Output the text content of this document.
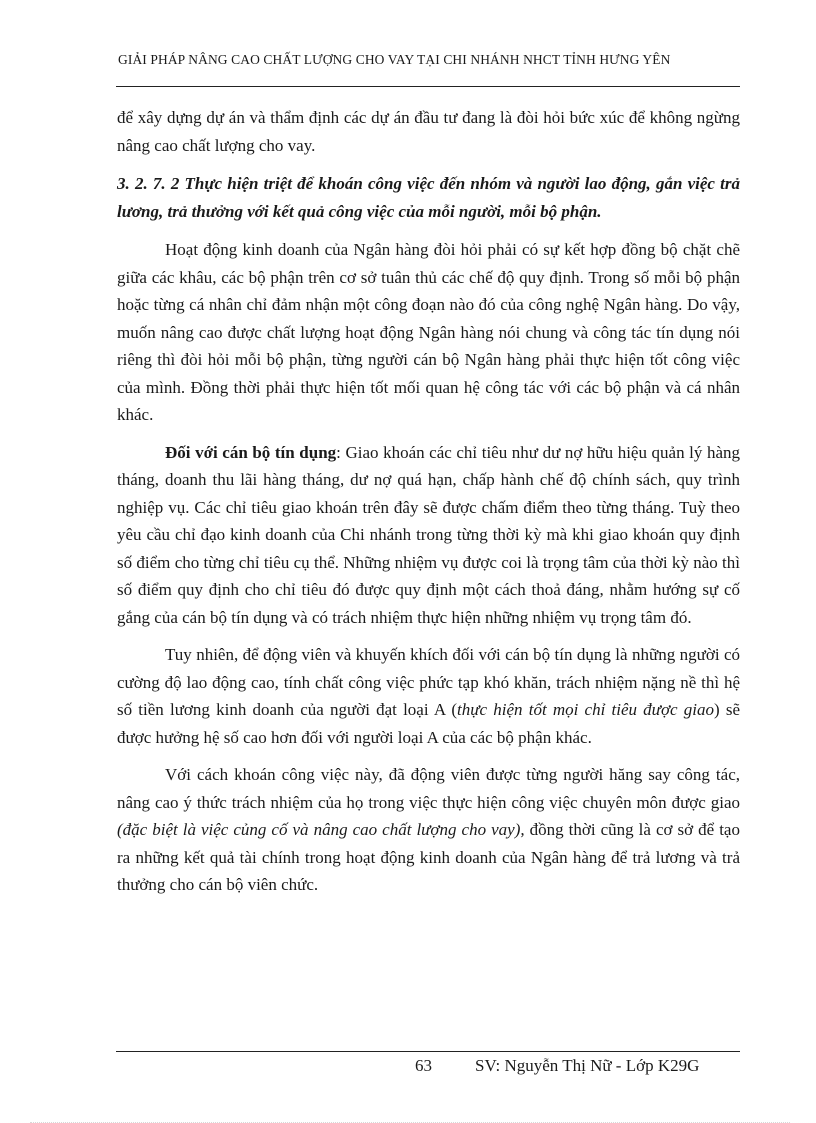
GIẢI PHÁP NÂNG CAO CHẤT LƯỢNG CHO VAY TẠI CHI NHÁNH NHCT TỈNH HƯNG YÊN

để xây dựng dự án và thẩm định các dự án đầu tư đang là đòi hỏi bức xúc để không ngừng nâng cao chất lượng cho vay.

3. 2. 7. 2 Thực hiện triệt để khoán công việc đến nhóm và người lao động, gắn việc trả lương, trả thưởng với kết quả công việc của mỗi người, mỗi bộ phận.

Hoạt động kinh doanh của Ngân hàng đòi hỏi phải có sự kết hợp đồng bộ chặt chẽ giữa các khâu, các bộ phận trên cơ sở tuân thủ các chế độ quy định. Trong số mỗi bộ phận hoặc từng cá nhân chỉ đảm nhận một công đoạn nào đó của công nghệ Ngân hàng. Do vậy, muốn nâng cao được chất lượng hoạt động Ngân hàng nói chung và công tác tín dụng nói riêng thì đòi hỏi mỗi bộ phận, từng người cán bộ Ngân hàng phải thực hiện tốt công việc của mình. Đồng thời phải thực hiện tốt mối quan hệ công tác với các bộ phận và cá nhân khác.

Đối với cán bộ tín dụng: Giao khoán các chỉ tiêu như dư nợ hữu hiệu quản lý hàng tháng, doanh thu lãi hàng tháng, dư nợ quá hạn, chấp hành chế độ chính sách, quy trình nghiệp vụ. Các chỉ tiêu giao khoán trên đây sẽ được chấm điểm theo từng tháng. Tuỳ theo yêu cầu chỉ đạo kinh doanh của Chi nhánh trong từng thời kỳ mà khi giao khoán quy định số điểm cho từng chỉ tiêu cụ thể. Những nhiệm vụ được coi là trọng tâm của thời kỳ nào thì số điểm quy định cho chỉ tiêu đó được quy định một cách thoả đáng, nhằm hướng sự cố gắng của cán bộ tín dụng và có trách nhiệm thực hiện những nhiệm vụ trọng tâm đó.

Tuy nhiên, để động viên và khuyến khích đối với cán bộ tín dụng là những người có cường độ lao động cao, tính chất công việc phức tạp khó khăn, trách nhiệm nặng nề thì hệ số tiền lương kinh doanh của người đạt loại A (thực hiện tốt mọi chỉ tiêu được giao) sẽ được hưởng hệ số cao hơn đối với người loại A của các bộ phận khác.

Với cách khoán công việc này, đã động viên được từng người hăng say công tác, nâng cao ý thức trách nhiệm của họ trong việc thực hiện công việc chuyên môn được giao (đặc biệt là việc củng cố và nâng cao chất lượng cho vay), đồng thời cũng là cơ sở để tạo ra những kết quả tài chính trong hoạt động kinh doanh của Ngân hàng để trả lương và trả thưởng cho cán bộ viên chức.

63	SV: Nguyễn Thị Nữ - Lớp K29G
